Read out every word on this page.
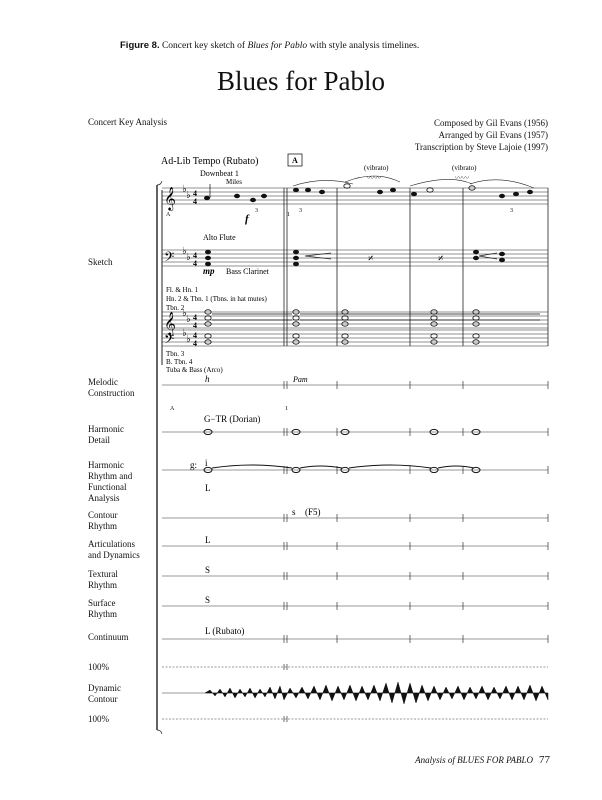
Figure 8. Concert key sketch of Blues for Pablo with style analysis timelines.
Blues for Pablo
Concert Key Analysis	Composed by Gil Evans (1956)
Arranged by Gil Evans (1957)
Transcription by Steve Lajoie (1997)
Sketch
Melodic
Construction
Harmonic
Detail
Harmonic
Rhythm and
Functional
Analysis
Contour
Rhythm
Articulations
and Dynamics
Textural
Rhythm
Surface
Rhythm
Continuum
100%
Dynamic
Contour
100%
𝄞
𝄢
𝄞
𝄢
♭
♭
♭
♭
♭
♭
♭
♭
4
4
4
4
4
4
4
4
〰〰	〰〰
𝄎	𝄎
Ad-Lib Tempo (Rubato)	A
Downbeat 1
Miles
(vibrato)	(vibrato)
f
3	3	3
A	1
Alto Flute
mp Bass Clarinet
Fl. & Hn. 1
Hn. 2 & Tbn. 1 (Tbns. in hat mutes)
Tbn. 2
Tbn. 3
B. Tbn. 4
Tuba & Bass (Arco)
h	Pam
A	1
G−TR (Dorian)
g: i
L
s (F5)
L
S
S
L (Rubato)
Analysis of BLUES FOR PABLO 77
